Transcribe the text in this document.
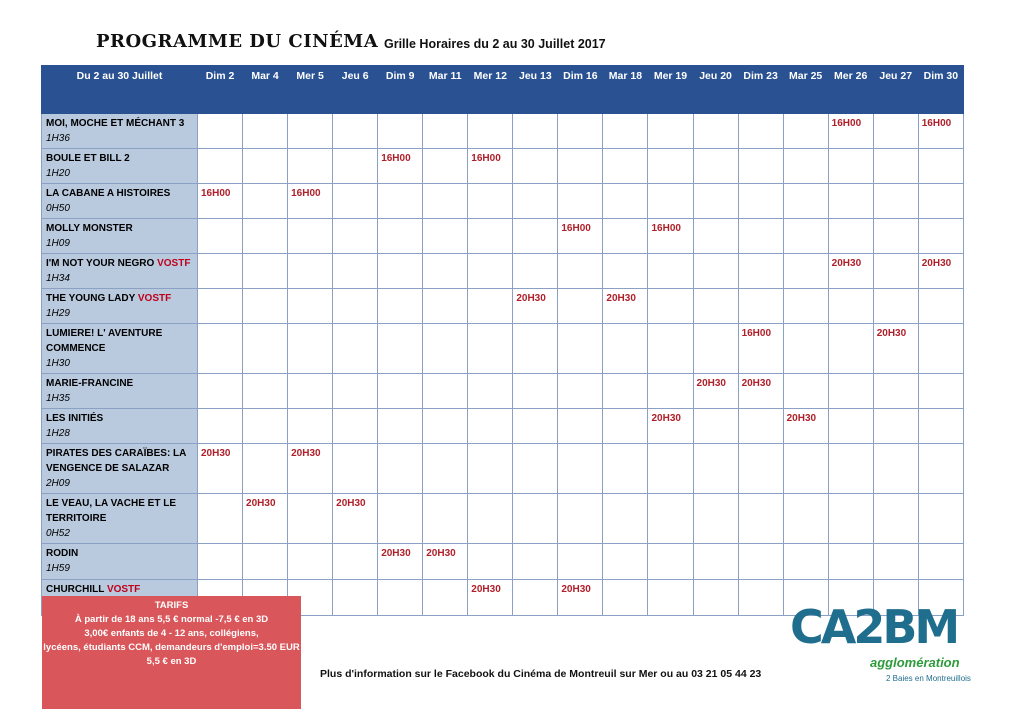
PROGRAMME DU CINÉMA Grille Horaires du 2 au 30 Juillet 2017
Du 2 au 30 Juillet	Dim 2	Mar 4	Mer 5	Jeu 6	Dim 9	Mar 11	Mer 12	Jeu 13	Dim 16	Mar 18	Mer 19	Jeu 20	Dim 23	Mar 25	Mer 26	Jeu 27	Dim 30

MOI, MOCHE ET MÉCHANT 3
1H36															16H00		16H00

BOULE ET BILL 2
1H20					16H00		16H00										

LA CABANE A HISTOIRES
0H50	16H00		16H00														

MOLLY MONSTER
1H09									16H00		16H00						

I'M NOT YOUR NEGRO VOSTF
1H34															20H30		20H30

THE YOUNG LADY VOSTF
1H29								20H30		20H30							

LUMIERE! L' AVENTURE COMMENCE
1H30													16H00			20H30	

MARIE-FRANCINE
1H35												20H30	20H30				

LES INITIÉS
1H28											20H30			20H30			

PIRATES DES CARAÏBES: LA VENGENCE DE SALAZAR
2H09	20H30		20H30														

LE VEAU, LA VACHE ET LE TERRITOIRE
0H52		20H30		20H30													

RODIN
1H59					20H30	20H30											

CHURCHILL VOSTF							20H30		20H30								
TARIFS
À partir de 18 ans 5,5 € normal -7,5 € en 3D
3,00€ enfants de 4 - 12 ans, collégiens,
lycéens, étudiants CCM, demandeurs d'emploi=3.50 EUR
5,5 € en 3D
Plus d'information sur le Facebook du Cinéma de Montreuil sur Mer ou au 03 21 05 44 23
CA2BM
agglomération
2 Baies en Montreuillois
